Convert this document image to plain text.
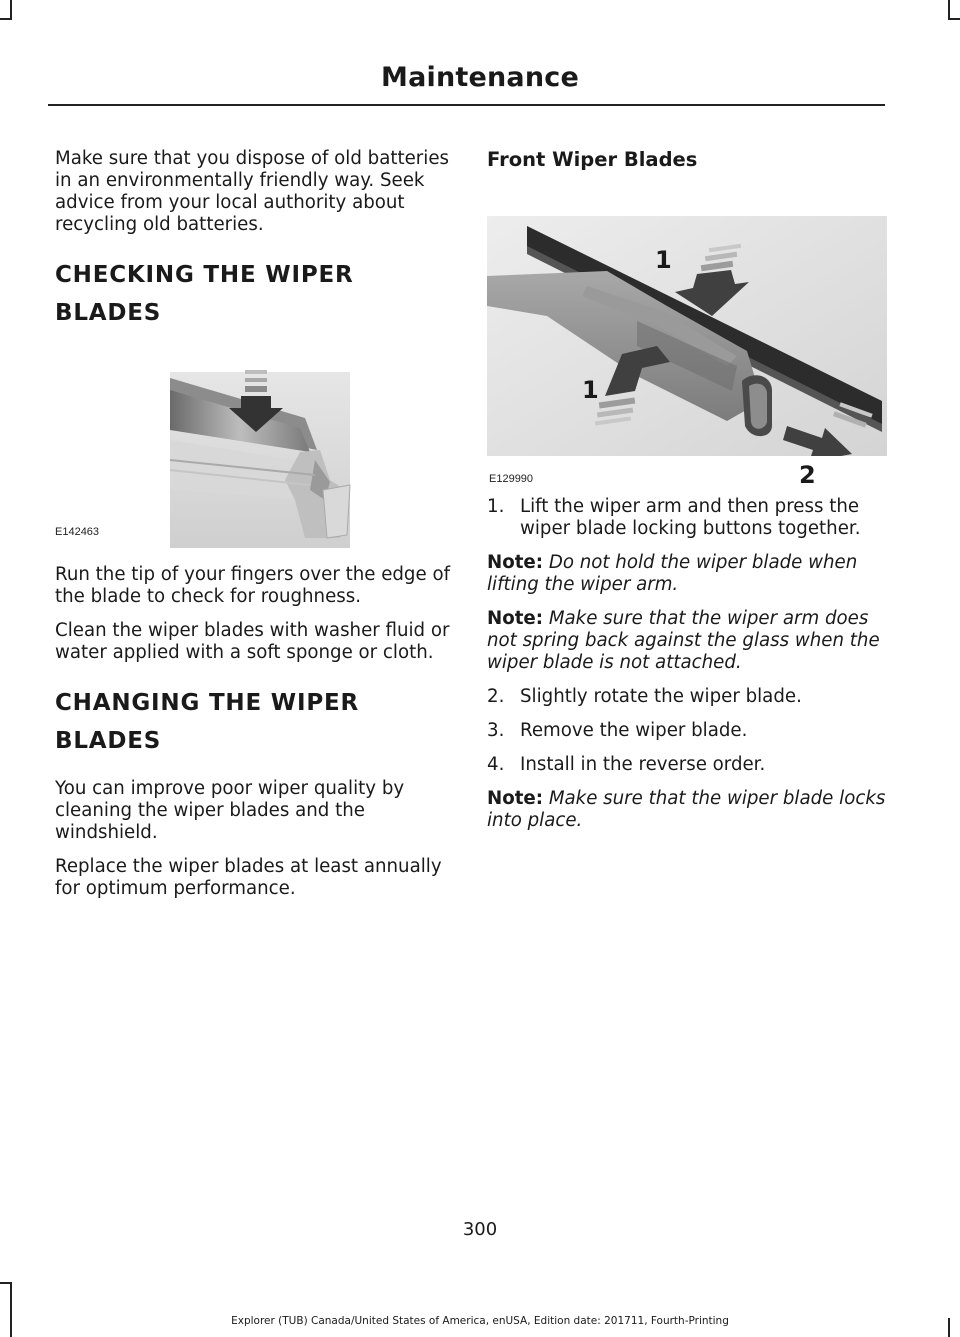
Maintenance

Make sure that you dispose of old batteries in an environmentally friendly way. Seek advice from your local authority about recycling old batteries.

CHECKING THE WIPER
BLADES
E142463

Run the tip of your fingers over the edge of the blade to check for roughness.

Clean the wiper blades with washer fluid or water applied with a soft sponge or cloth.

CHANGING THE WIPER
BLADES

You can improve poor wiper quality by cleaning the wiper blades and the windshield.

Replace the wiper blades at least annually for optimum performance.

Front Wiper Blades
1
1
2
E129990
1. Lift the wiper arm and then press the wiper blade locking buttons together.
Note: Do not hold the wiper blade when lifting the wiper arm.
Note: Make sure that the wiper arm does not spring back against the glass when the wiper blade is not attached.
2. Slightly rotate the wiper blade.
3. Remove the wiper blade.
4. Install in the reverse order.
Note: Make sure that the wiper blade locks into place.
300
Explorer (TUB) Canada/United States of America, enUSA, Edition date: 201711, Fourth-Printing
